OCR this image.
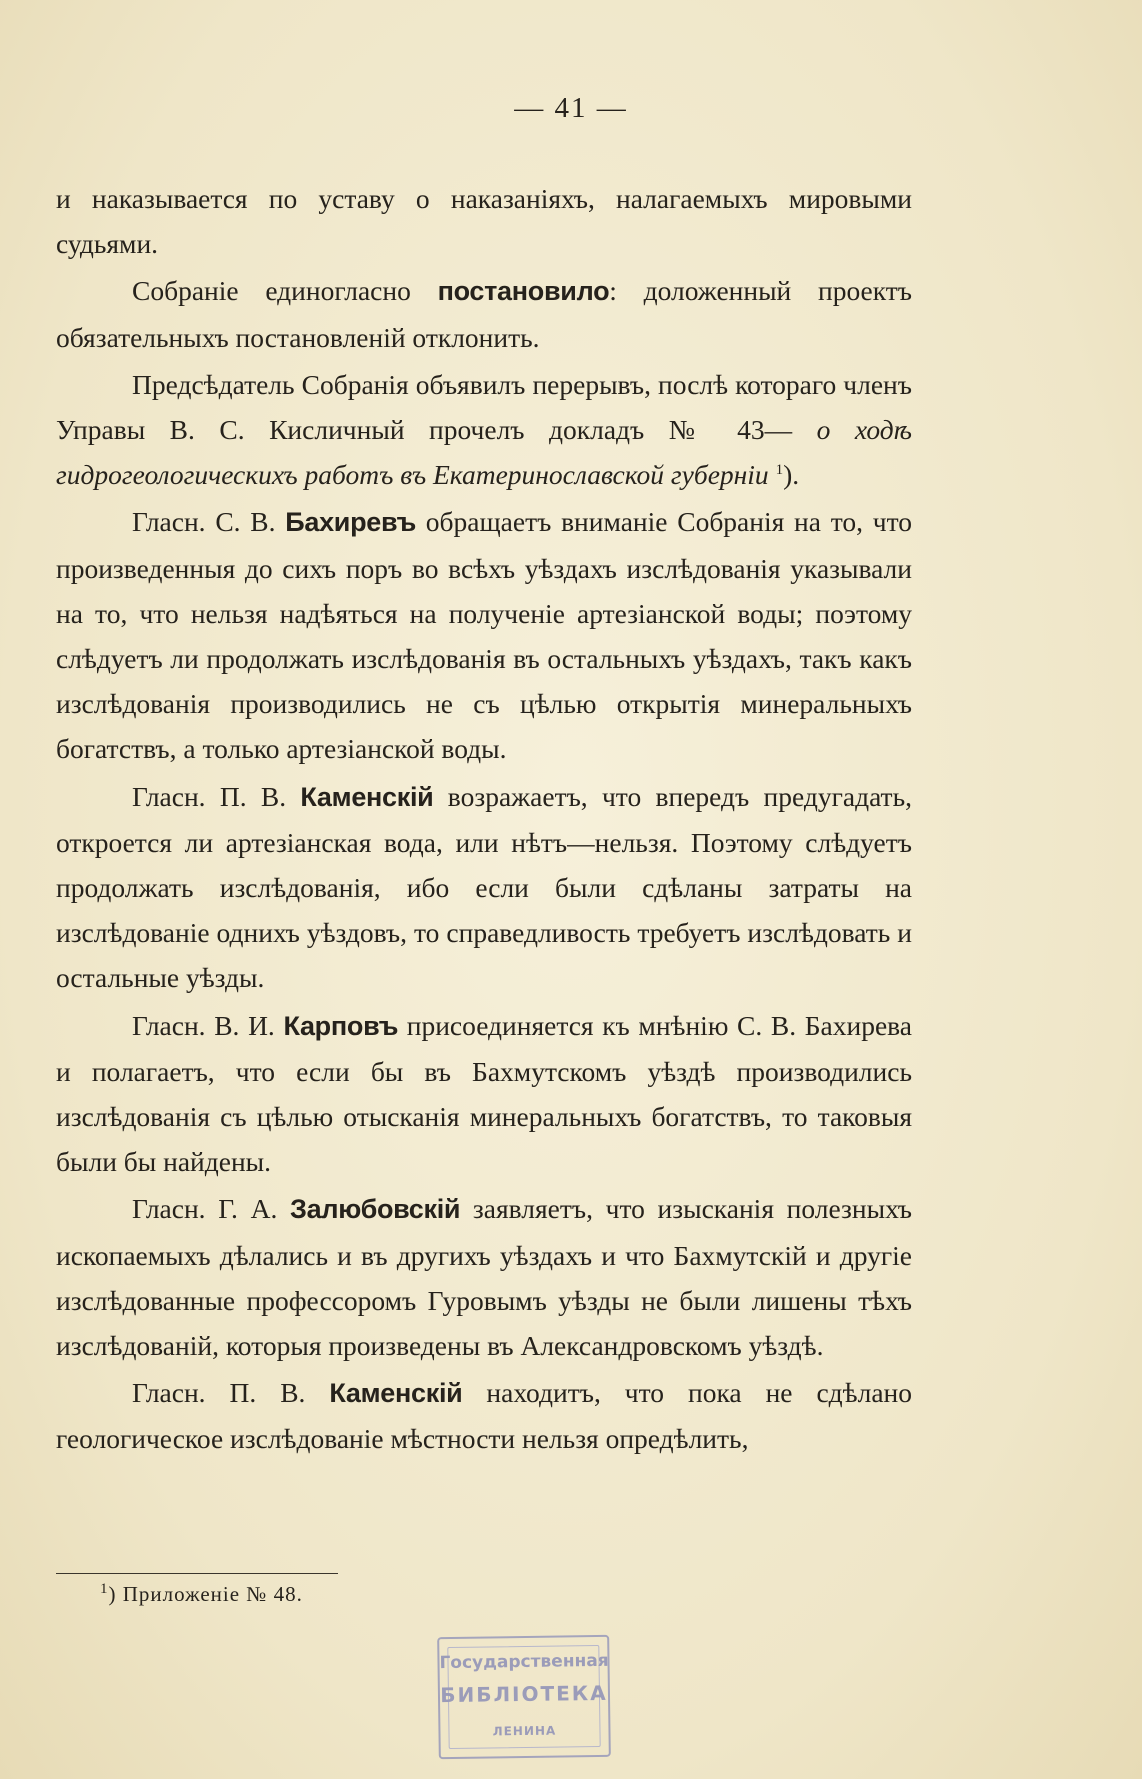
— 41 —

и наказывается по уставу о наказаніяхъ, налагаемыхъ мировыми судьями.

Собраніе единогласно постановило: доложенный проектъ обязательныхъ постановленій отклонить.

Предсѣдатель Собранія объявилъ перерывъ, послѣ котораго членъ Управы В. С. Кисличный прочелъ докладъ № 43— о ходѣ гидрогеологическихъ работъ въ Екатеринославской губерніи $^1$).

Гласн. С. В. Бахиревъ обращаетъ вниманіе Собранія на то, что произведенныя до сихъ поръ во всѣхъ уѣздахъ изслѣдованія указывали на то, что нельзя надѣяться на полученіе артезіанской воды; поэтому слѣдуетъ ли продолжать изслѣдованія въ остальныхъ уѣздахъ, такъ какъ изслѣдованія производились не съ цѣлью открытія минеральныхъ богатствъ, а только артезіанской воды.

Гласн. П. В. Каменскій возражаетъ, что впередъ предугадать, откроется ли артезіанская вода, или нѣтъ—нельзя. Поэтому слѣдуетъ продолжать изслѣдованія, ибо если были сдѣланы затраты на изслѣдованіе однихъ уѣздовъ, то справедливость требуетъ изслѣдовать и остальные уѣзды.

Гласн. В. И. Карповъ присоединяется къ мнѣнію С. В. Бахирева и полагаетъ, что если бы въ Бахмутскомъ уѣздѣ производились изслѣдованія съ цѣлью отысканія минеральныхъ богатствъ, то таковыя были бы найдены.

Гласн. Г. А. Залюбовскій заявляетъ, что изысканія полезныхъ ископаемыхъ дѣлались и въ другихъ уѣздахъ и что Бахмутскій и другіе изслѣдованные профессоромъ Гуровымъ уѣзды не были лишены тѣхъ изслѣдованій, которыя произведены въ Александровскомъ уѣздѣ.

Гласн. П. В. Каменскій находитъ, что пока не сдѣлано геологическое изслѣдованіе мѣстности нельзя опредѣлить,

$^1$) Приложеніе № 48.
Государственная
БИБЛІОТЕКА
ЛЕНИНА
